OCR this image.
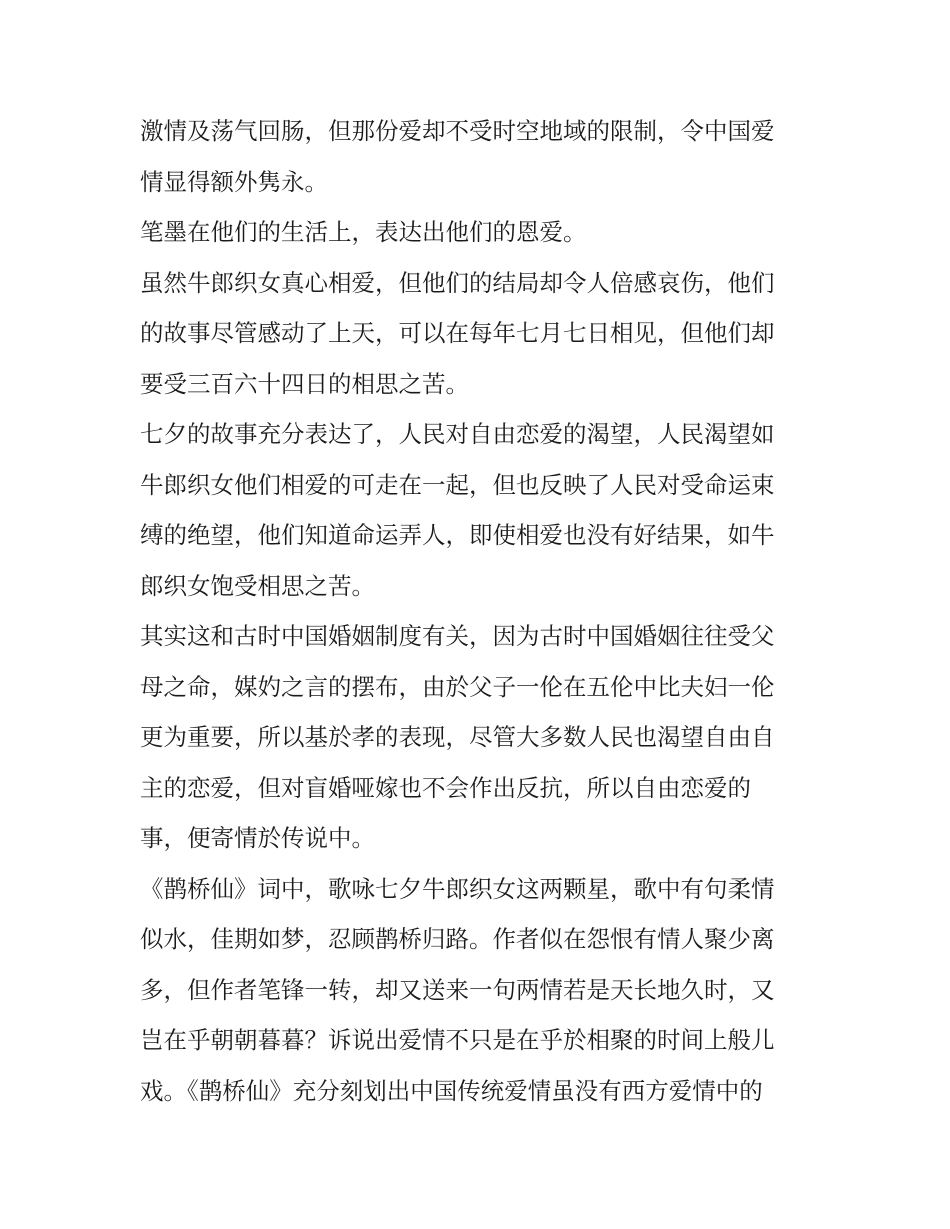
激情及荡气回肠，但那份爱却不受时空地域的限制，令中国爱
情显得额外隽永。
笔墨在他们的生活上，表达出他们的恩爱。
虽然牛郎织女真心相爱，但他们的结局却令人倍感哀伤，他们
的故事尽管感动了上天，可以在每年七月七日相见，但他们却
要受三百六十四日的相思之苦。
七夕的故事充分表达了，人民对自由恋爱的渴望，人民渴望如
牛郎织女他们相爱的可走在一起，但也反映了人民对受命运束
缚的绝望，他们知道命运弄人，即使相爱也没有好结果，如牛
郎织女饱受相思之苦。
其实这和古时中国婚姻制度有关，因为古时中国婚姻往往受父
母之命，媒妁之言的摆布，由於父子一伦在五伦中比夫妇一伦
更为重要，所以基於孝的表现，尽管大多数人民也渴望自由自
主的恋爱，但对盲婚哑嫁也不会作出反抗，所以自由恋爱的
事，便寄情於传说中。
《鹊桥仙》词中，歌咏七夕牛郎织女这两颗星，歌中有句柔情
似水，佳期如梦，忍顾鹊桥归路。作者似在怨恨有情人聚少离
多，但作者笔锋一转，却又送来一句两情若是天长地久时，又
岂在乎朝朝暮暮？诉说出爱情不只是在乎於相聚的时间上般儿
戏。《鹊桥仙》充分刻划出中国传统爱情虽没有西方爱情中的
